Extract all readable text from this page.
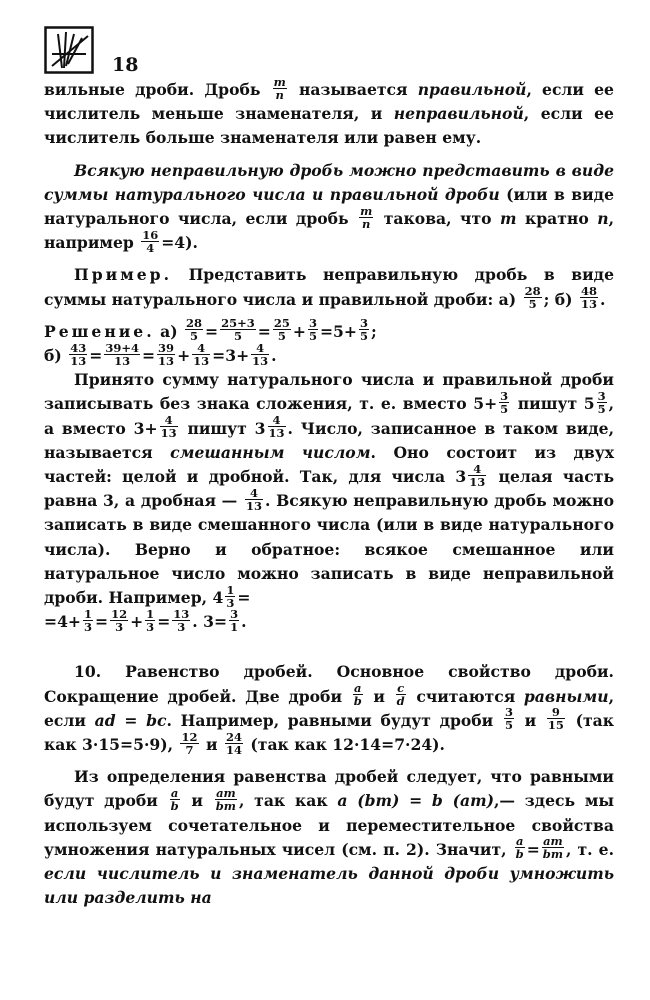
18

вильные дроби. Дробь $\frac{m}{n}$ называется правильной, если ее числитель меньше знаменателя, и неправильной, если ее числитель больше знаменателя или равен ему.

Всякую неправильную дробь можно представить в виде суммы натурального числа и правильной дроби (или в виде натурального числа, если дробь $\frac{m}{n}$ такова, что m кратно n, например $\frac{16}{4} =4$).

Пример. Представить неправильную дробь в виде суммы натурального числа и правильной дроби: $а) \frac{28}{5}$ ; $б) \frac{48}{13}$ .

Решение. $а) \frac{28}{5} = \frac{25+3}{5} = \frac{25}{5} + \frac{3}{5} =5+ \frac{3}{5}$ ;

$б) \frac{43}{13} = \frac{39+4}{13} = \frac{39}{13} + \frac{4}{13} =3+ \frac{4}{13}$ .

Принято сумму натурального числа и правильной дроби записывать без знака сложения, т. е. вместо $5+ \frac{3}{5}$ пишут $5 \frac{3}{5}$ , а вместо $3+ \frac{4}{13}$ пишут $3 \frac{4}{13}$ . Число, записанное в таком виде, называется смешанным числом. Оно состоит из двух частей: целой и дробной. Так, для числа $3 \frac{4}{13}$ целая часть равна 3, а дробная — $\frac{4}{13}$ . Всякую неправильную дробь можно записать в виде смешанного числа (или в виде натурального числа). Верно и обратное: всякое смешанное или натуральное число можно записать в виде неправильной дроби. Например, $4 \frac{1}{3}$ =

$=4+ \frac{1}{3} = \frac{12}{3} + \frac{1}{3} = \frac{13}{3}$ . $3= \frac{3}{1}$ .

10. Равенство дробей. Основное свойство дроби. Сокращение дробей. Две дроби $\frac{a}{b}$ и $\frac{c}{d}$ считаются равными, если ad = bc. Например, равными будут дроби $\frac{3}{5}$ и $\frac{9}{15} (так$ как 3·15=5·9), $\frac{12}{7}$ и $\frac{24}{14} (так$ как 12·14=7·24).

Из определения равенства дробей следует, что равными будут дроби $\frac{a}{b}$ и $\frac{am}{bm}$ , так как a (bm) = b (am),— здесь мы используем сочетательное и переместительное свойства умножения натуральных чисел (см. п. 2). Значит, $\frac{a}{b} = \frac{am}{bm}$ , т. е. если числитель и знаменатель данной дроби умножить или разделить на
